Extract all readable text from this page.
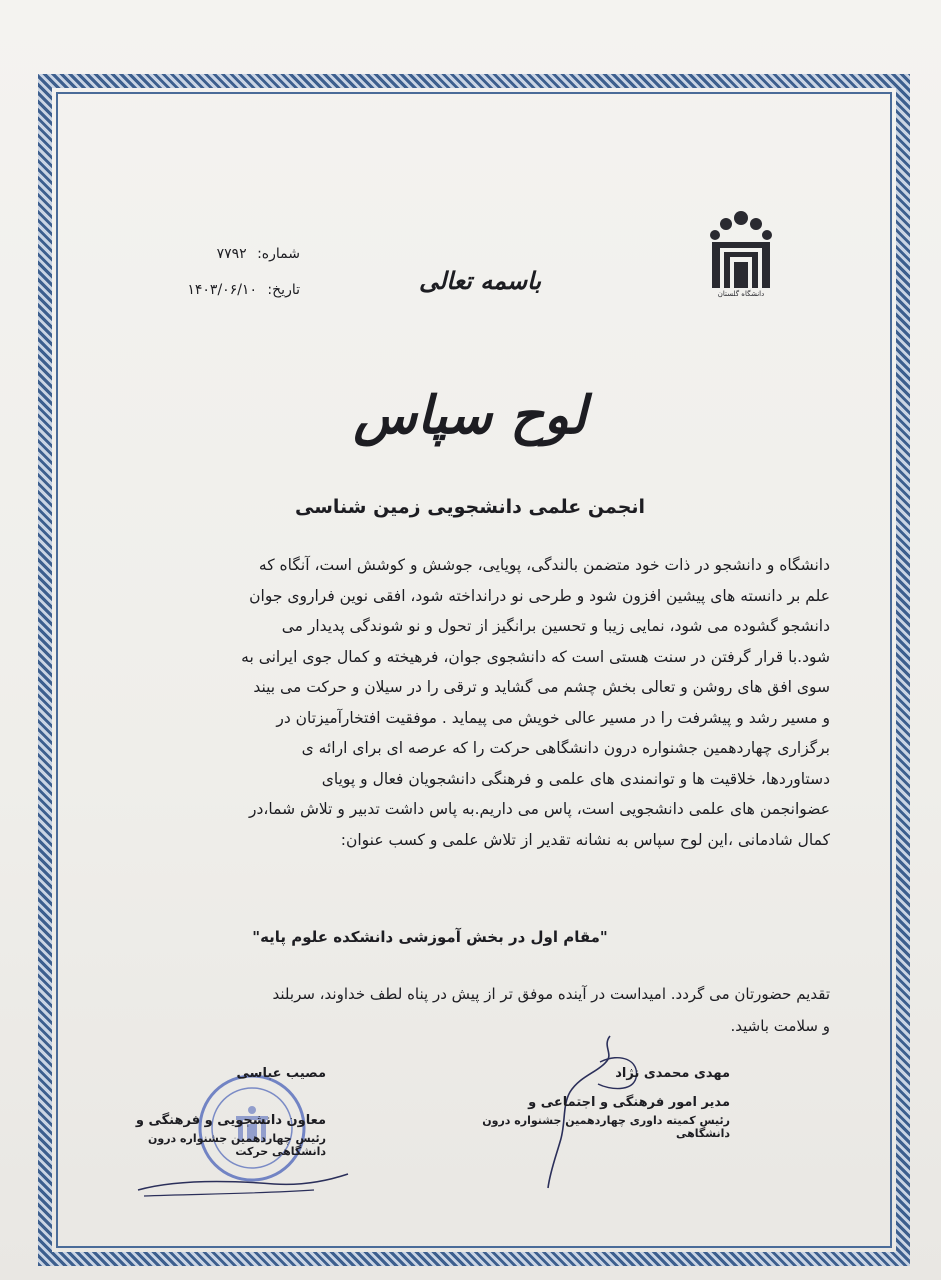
دانشگاه گلستان
شماره: ۷۷۹۲
تاریخ: ۱۴۰۳/۰۶/۱۰	باسمه تعالی
لوح سپاس
انجمن علمی دانشجویی زمین شناسی
دانشگاه و دانشجو در ذات خود متضمن بالندگی، پویایی، جوشش و کوشش است، آنگاه که
علم بر دانسته های پیشین افزون شود و طرحی نو درانداخته شود، افقی نوین فراروی جوان
دانشجو گشوده می شود، نمایی زیبا و تحسین برانگیز از تحول و نو شوندگی پدیدار می
شود.با قرار گرفتن در سنت هستی است که دانشجوی جوان، فرهیخته و کمال جوی ایرانی به
سوی افق های روشن و تعالی بخش چشم می گشاید و ترقی را در سیلان و حرکت می بیند
و مسیر رشد و پیشرفت را در مسیر عالی خویش می پیماید . موفقیت افتخارآمیزتان در
برگزاری چهاردهمین جشنواره درون دانشگاهی حرکت را که عرصه ای برای ارائه ی
دستاوردها، خلاقیت ها و توانمندی های علمی و فرهنگی دانشجویان فعال و پویای
عضوانجمن های علمی دانشجویی است، پاس می داریم.به پاس داشت تدبیر و تلاش شما،در
کمال شادمانی ،این لوح سپاس به نشانه تقدیر از تلاش علمی و کسب عنوان:
"مقام اول در بخش آموزشی دانشکده علوم پایه"
تقدیم حضورتان می گردد. امیداست در آینده موفق تر از پیش در پناه لطف خداوند، سربلند
و سلامت باشید.
مهدی محمدی نژاد
مدیر امور فرهنگی و اجتماعی و
رئیس کمیته داوری چهاردهمین جشنواره درون دانشگاهی
مصیب عباسی
معاون دانشجویی و فرهنگی و
رئیس چهاردهمین جشنواره درون دانشگاهی حرکت
